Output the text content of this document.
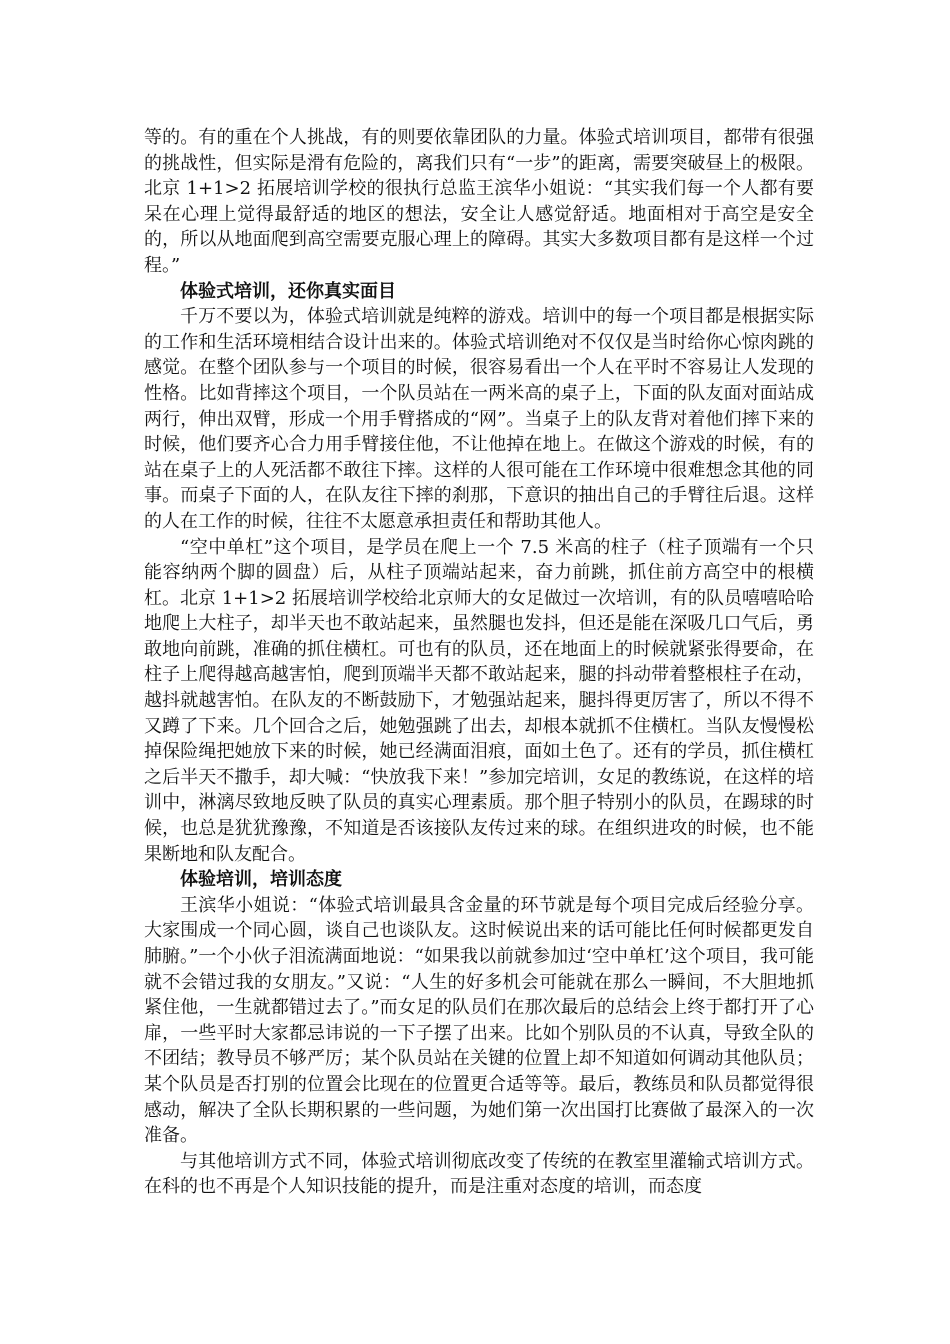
等的。有的重在个人挑战，有的则要依靠团队的力量。体验式培训项目，都带有很强的挑战性，但实际是滑有危险的，离我们只有“一步”的距离，需要突破昼上的极限。北京 1+1>2 拓展培训学校的很执行总监王滨华小姐说：“其实我们每一个人都有要呆在心理上觉得最舒适的地区的想法，安全让人感觉舒适。地面相对于高空是安全的，所以从地面爬到高空需要克服心理上的障碍。其实大多数项目都有是这样一个过程。”

体验式培训，还你真实面目

千万不要以为，体验式培训就是纯粹的游戏。培训中的每一个项目都是根据实际的工作和生活环境相结合设计出来的。体验式培训绝对不仅仅是当时给你心惊肉跳的感觉。在整个团队参与一个项目的时候，很容易看出一个人在平时不容易让人发现的性格。比如背摔这个项目，一个队员站在一两米高的桌子上，下面的队友面对面站成两行，伸出双臂，形成一个用手臂搭成的“网”。当桌子上的队友背对着他们摔下来的时候，他们要齐心合力用手臂接住他，不让他掉在地上。在做这个游戏的时候，有的站在桌子上的人死活都不敢往下摔。这样的人很可能在工作环境中很难想念其他的同事。而桌子下面的人，在队友往下摔的刹那，下意识的抽出自己的手臂往后退。这样的人在工作的时候，往往不太愿意承担责任和帮助其他人。

“空中单杠”这个项目，是学员在爬上一个 7.5 米高的柱子（柱子顶端有一个只能容纳两个脚的圆盘）后，从柱子顶端站起来，奋力前跳，抓住前方高空中的根横杠。北京 1+1>2 拓展培训学校给北京师大的女足做过一次培训，有的队员嘻嘻哈哈地爬上大柱子，却半天也不敢站起来，虽然腿也发抖，但还是能在深吸几口气后，勇敢地向前跳，准确的抓住横杠。可也有的队员，还在地面上的时候就紧张得要命，在柱子上爬得越高越害怕，爬到顶端半天都不敢站起来，腿的抖动带着整根柱子在动，越抖就越害怕。在队友的不断鼓励下，才勉强站起来，腿抖得更厉害了，所以不得不又蹲了下来。几个回合之后，她勉强跳了出去，却根本就抓不住横杠。当队友慢慢松掉保险绳把她放下来的时候，她已经满面泪痕，面如土色了。还有的学员，抓住横杠之后半天不撒手，却大喊：“快放我下来！”参加完培训，女足的教练说，在这样的培训中，淋漓尽致地反映了队员的真实心理素质。那个胆子特别小的队员，在踢球的时候，也总是犹犹豫豫，不知道是否该接队友传过来的球。在组织进攻的时候，也不能果断地和队友配合。

体验培训，培训态度

王滨华小姐说：“体验式培训最具含金量的环节就是每个项目完成后经验分享。大家围成一个同心圆，谈自己也谈队友。这时候说出来的话可能比任何时候都更发自肺腑。”一个小伙子泪流满面地说：“如果我以前就参加过‘空中单杠’这个项目，我可能就不会错过我的女朋友。”又说：“人生的好多机会可能就在那么一瞬间，不大胆地抓紧住他，一生就都错过去了。”而女足的队员们在那次最后的总结会上终于都打开了心扉，一些平时大家都忌讳说的一下子摆了出来。比如个别队员的不认真，导致全队的不团结；教导员不够严厉；某个队员站在关键的位置上却不知道如何调动其他队员；某个队员是否打别的位置会比现在的位置更合适等等。最后，教练员和队员都觉得很感动，解决了全队长期积累的一些问题，为她们第一次出国打比赛做了最深入的一次准备。

与其他培训方式不同，体验式培训彻底改变了传统的在教室里灌输式培训方式。在科的也不再是个人知识技能的提升，而是注重对态度的培训，而态度
